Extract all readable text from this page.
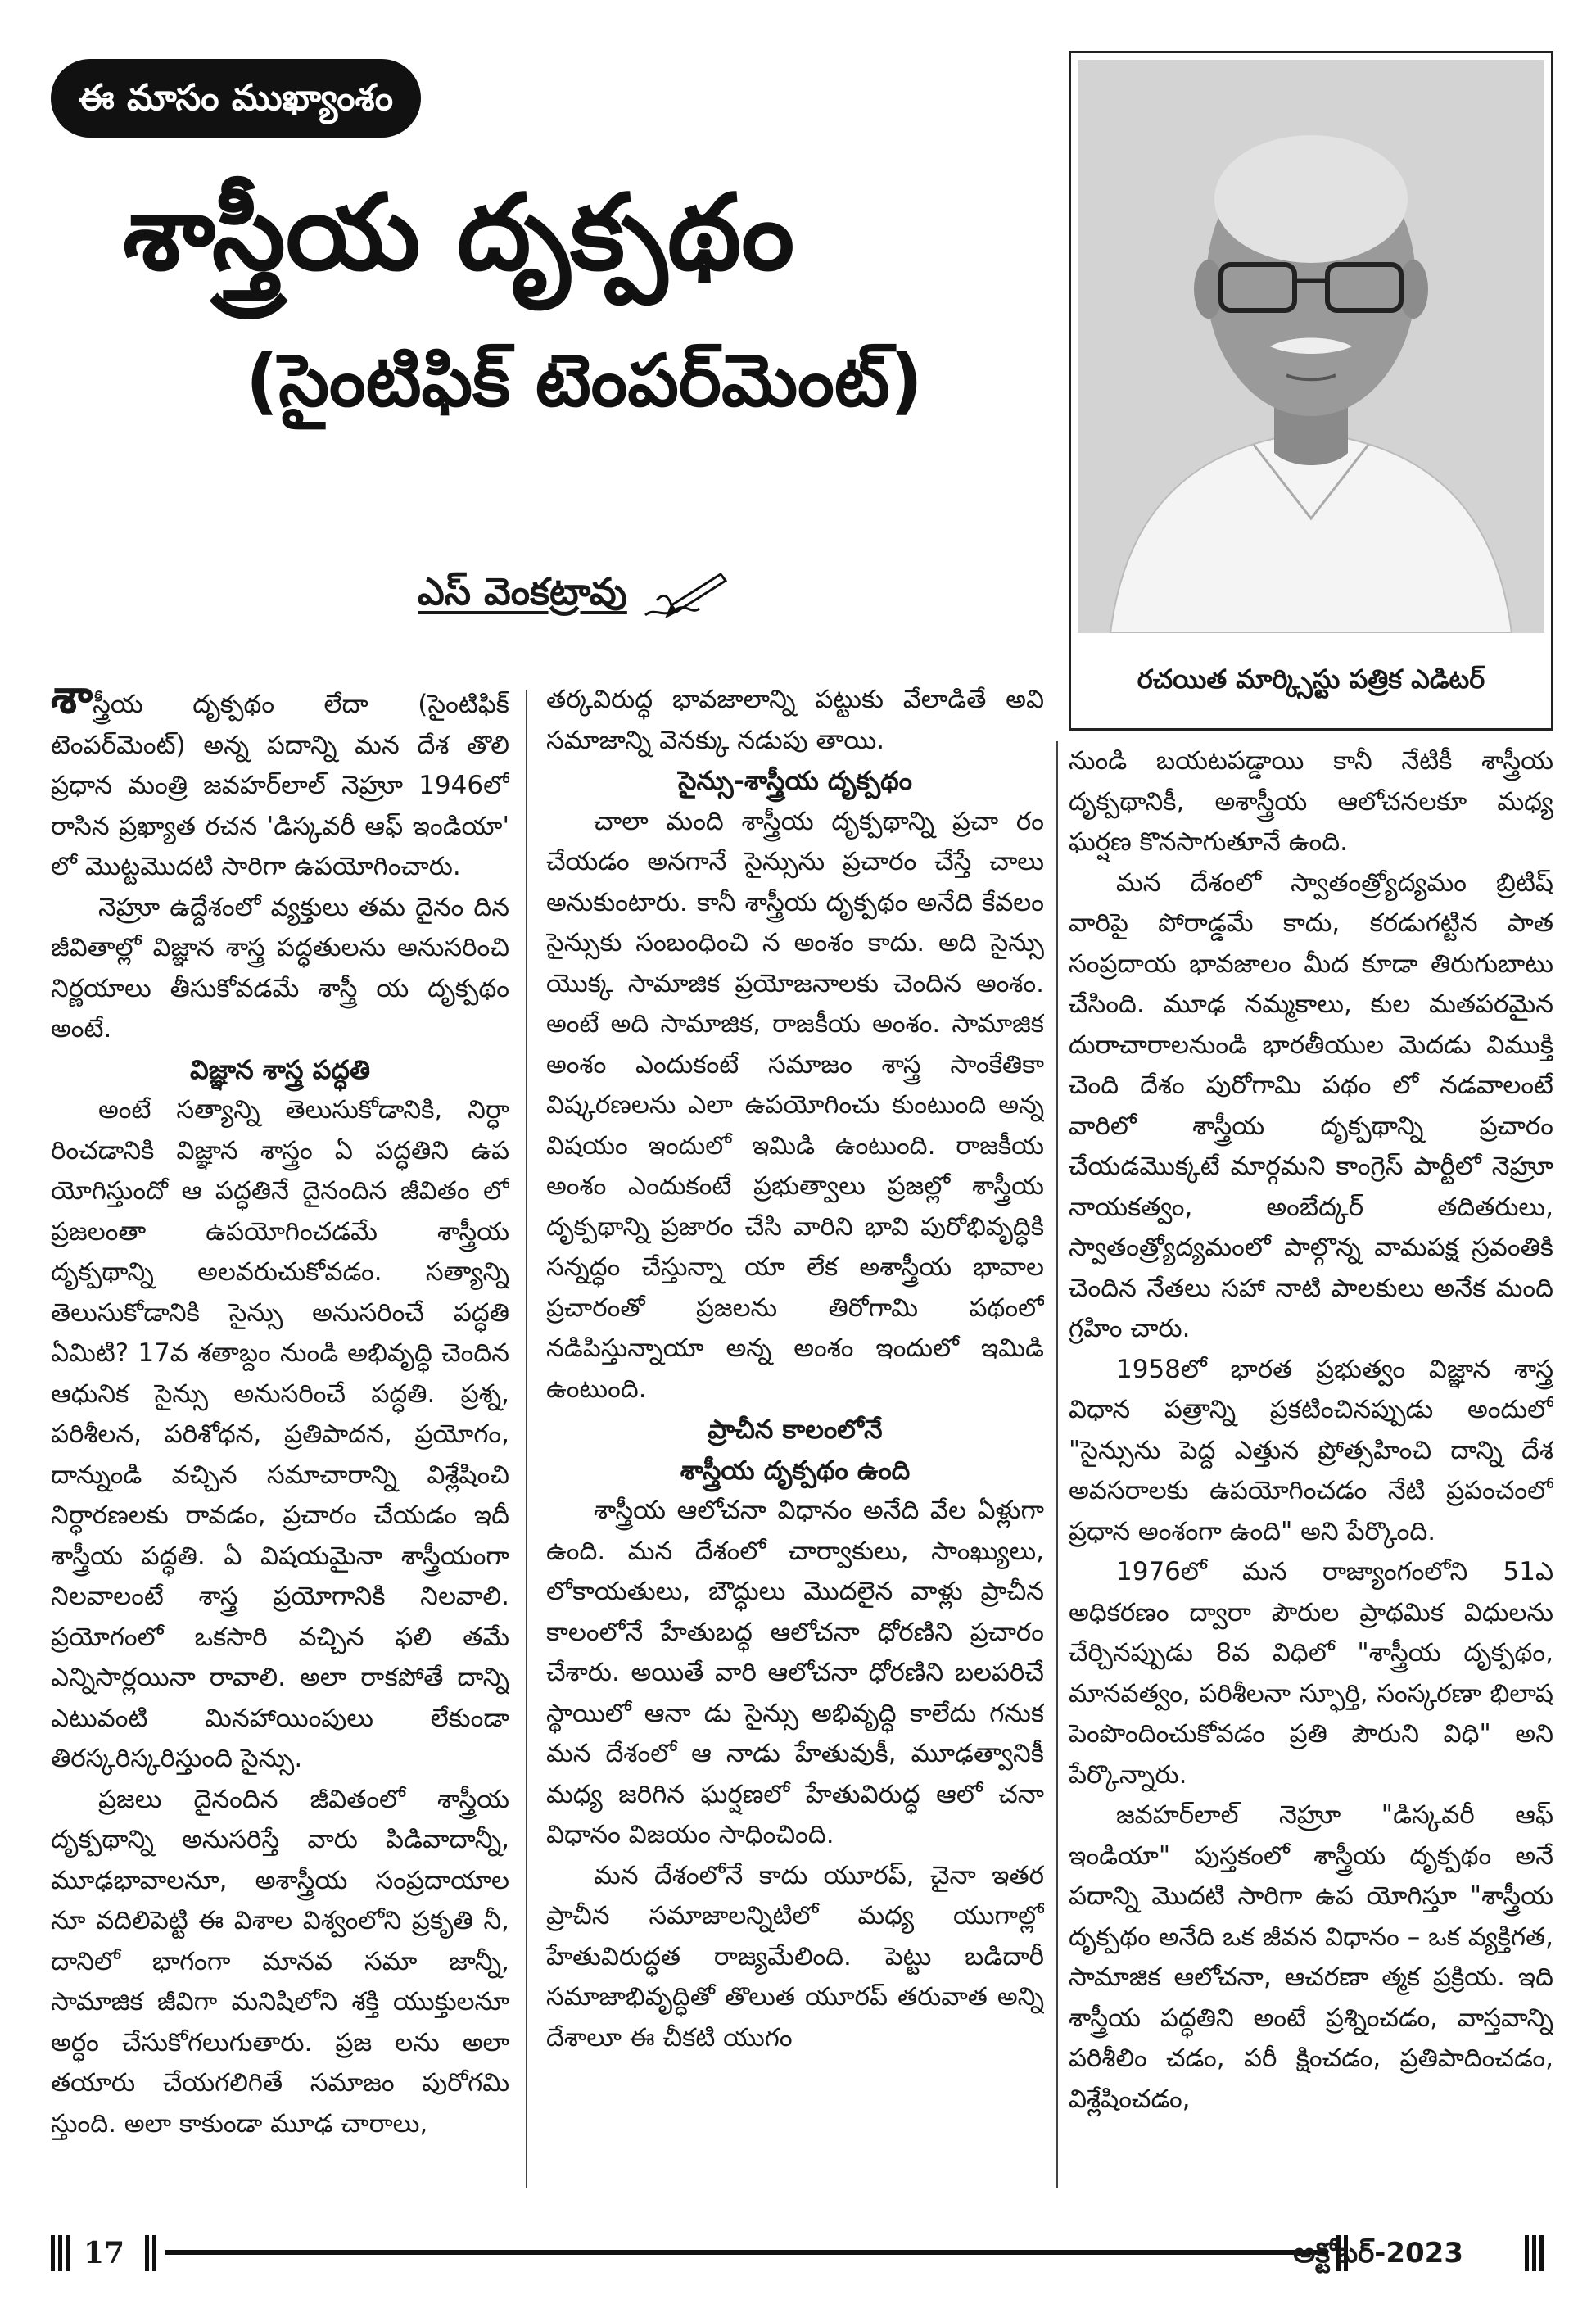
ఈ మాసం ముఖ్యాంశం
శాస్త్రీయ దృక్పథం
(సైంటిఫిక్ టెంపర్‌మెంట్)
ఎస్ వెంకట్రావు
రచయిత మార్క్సిస్టు పత్రిక ఎడిటర్

శాస్త్రీయ దృక్పథం లేదా (సైంటిఫిక్ టెంపర్‌మెంట్) అన్న పదాన్ని మన దేశ తొలి ప్రధాన మంత్రి జవహర్‌లాల్ నెహ్రూ 1946లో రాసిన ప్రఖ్యాత రచన 'డిస్కవరీ ఆఫ్ ఇండియా' లో మొట్టమొదటి సారిగా ఉపయోగించారు.

నెహ్రూ ఉద్దేశంలో వ్యక్తులు తమ దైనం దిన జీవితాల్లో విజ్ఞాన శాస్త్ర పద్ధతులను అనుసరించి నిర్ణయాలు తీసుకోవడమే శాస్త్రీ య దృక్పథం అంటే.

విజ్ఞాన శాస్త్ర పద్ధతి

అంటే సత్యాన్ని తెలుసుకోడానికి, నిర్ధా రించడానికి విజ్ఞాన శాస్త్రం ఏ పద్ధతిని ఉప యోగిస్తుందో ఆ పద్ధతినే దైనందిన జీవితం లో ప్రజలంతా ఉపయోగించడమే శాస్త్రీయ దృక్పథాన్ని అలవరుచుకోవడం. సత్యాన్ని తెలుసుకోడానికి సైన్సు అనుసరించే పద్ధతి ఏమిటి? 17వ శతాబ్దం నుండి అభివృద్ధి చెందిన ఆధునిక సైన్సు అనుసరించే పద్ధతి. ప్రశ్న, పరిశీలన, పరిశోధన, ప్రతిపాదన, ప్రయోగం, దాన్నుండి వచ్చిన సమాచారాన్ని విశ్లేషించి నిర్ధారణలకు రావడం, ప్రచారం చేయడం ఇదీ శాస్త్రీయ పద్ధతి. ఏ విషయమైనా శాస్త్రీయంగా నిలవాలంటే శాస్త్ర ప్రయోగానికి నిలవాలి. ప్రయోగంలో ఒకసారి వచ్చిన ఫలి తమే ఎన్నిసార్లయినా రావాలి. అలా రాకపోతే దాన్ని ఎటువంటి మినహాయింపులు లేకుండా తిరస్కరిస్కరిస్తుంది సైన్సు.

ప్రజలు దైనందిన జీవితంలో శాస్త్రీయ దృక్పథాన్ని అనుసరిస్తే వారు పిడివాదాన్నీ, మూఢభావాలనూ, అశాస్త్రీయ సంప్రదాయాల నూ వదిలిపెట్టి ఈ విశాల విశ్వంలోని ప్రకృతి నీ, దానిలో భాగంగా మానవ సమా జాన్నీ, సామాజిక జీవిగా మనిషిలోని శక్తి యుక్తులనూ అర్ధం చేసుకోగలుగుతారు. ప్రజ లను అలా తయారు చేయగలిగితే సమాజం పురోగమి స్తుంది. అలా కాకుండా మూఢ చారాలు,

తర్కవిరుద్ధ భావజాలాన్ని పట్టుకు వేలాడితే అవి సమాజాన్ని వెనక్కు నడుపు తాయి.

సైన్సు-శాస్త్రీయ దృక్పథం

చాలా మంది శాస్త్రీయ దృక్పథాన్ని ప్రచా రం చేయడం అనగానే సైన్సును ప్రచారం చేస్తే చాలు అనుకుంటారు. కానీ శాస్త్రీయ దృక్పథం అనేది కేవలం సైన్సుకు సంబంధించి న అంశం కాదు. అది సైన్సు యొక్క సామాజిక ప్రయోజనాలకు చెందిన అంశం. అంటే అది సామాజిక, రాజకీయ అంశం. సామాజిక అంశం ఎందుకంటే సమాజం శాస్త్ర సాంకేతికా విష్కరణలను ఎలా ఉపయోగించు కుంటుంది అన్న విషయం ఇందులో ఇమిడి ఉంటుంది. రాజకీయ అంశం ఎందుకంటే ప్రభుత్వాలు ప్రజల్లో శాస్త్రీయ దృక్పథాన్ని ప్రజారం చేసి వారిని భావి పురోభివృద్ధికి సన్నద్ధం చేస్తున్నా యా లేక అశాస్త్రీయ భావాల ప్రచారంతో ప్రజలను తిరోగామి పథంలో నడిపిస్తున్నాయా అన్న అంశం ఇందులో ఇమిడి ఉంటుంది.

ప్రాచీన కాలంలోనే
శాస్త్రీయ దృక్పథం ఉంది

శాస్త్రీయ ఆలోచనా విధానం అనేది వేల ఏళ్లుగా ఉంది. మన దేశంలో చార్వాకులు, సాంఖ్యులు, లోకాయతులు, బౌద్ధులు మొదలైన వాళ్లు ప్రాచీన కాలంలోనే హేతుబద్ధ ఆలోచనా ధోరణిని ప్రచారం చేశారు. అయితే వారి ఆలోచనా ధోరణిని బలపరిచే స్థాయిలో ఆనా డు సైన్సు అభివృద్ధి కాలేదు గనుక మన దేశంలో ఆ నాడు హేతువుకీ, మూఢత్వానికీ మధ్య జరిగిన ఘర్షణలో హేతువిరుద్ధ ఆలో చనా విధానం విజయం సాధించింది.

మన దేశంలోనే కాదు యూరప్, చైనా ఇతర ప్రాచీన సమాజాలన్నిటిలో మధ్య యుగాల్లో హేతువిరుద్ధత రాజ్యమేలింది. పెట్టు బడిదారీ సమాజాభివృద్ధితో తొలుత యూరప్ తరువాత అన్ని దేశాలూ ఈ చీకటి యుగం

నుండి బయటపడ్డాయి కానీ నేటికీ శాస్త్రీయ దృక్పథానికీ, అశాస్త్రీయ ఆలోచనలకూ మధ్య ఘర్షణ కొనసాగుతూనే ఉంది.

మన దేశంలో స్వాతంత్ర్యోద్యమం బ్రిటిష్ వారిపై పోరాడ్డమే కాదు, కరడుగట్టిన పాత సంప్రదాయ భావజాలం మీద కూడా తిరుగుబాటు చేసింది. మూఢ నమ్మకాలు, కుల మతపరమైన దురాచారాలనుండి భారతీయుల మెదడు విముక్తి చెంది దేశం పురోగామి పథం లో నడవాలంటే వారిలో శాస్త్రీయ దృక్పథాన్ని ప్రచారం చేయడమొక్కటే మార్గమని కాంగ్రెస్ పార్టీలో నెహ్రూ నాయకత్వం, అంబేద్కర్ తదితరులు, స్వాతంత్ర్యోద్యమంలో పాల్గొన్న వామపక్ష స్రవంతికి చెందిన నేతలు సహా నాటి పాలకులు అనేక మంది గ్రహిం చారు.

1958లో భారత ప్రభుత్వం విజ్ఞాన శాస్త్ర విధాన పత్రాన్ని ప్రకటించినప్పుడు అందులో "సైన్సును పెద్ద ఎత్తున ప్రోత్సహించి దాన్ని దేశ అవసరాలకు ఉపయోగించడం నేటి ప్రపంచంలో ప్రధాన అంశంగా ఉంది" అని పేర్కొంది.

1976లో మన రాజ్యాంగంలోని 51ఎ అధికరణం ద్వారా పౌరుల ప్రాథమిక విధులను చేర్చినప్పుడు 8వ విధిలో "శాస్త్రీయ దృక్పథం, మానవత్వం, పరిశీలనా స్ఫూర్తి, సంస్కరణా భిలాష పెంపొందించుకోవడం ప్రతి పౌరుని విధి" అని పేర్కొన్నారు.

జవహర్‌లాల్ నెహ్రూ "డిస్కవరీ ఆఫ్ ఇండియా" పుస్తకంలో శాస్త్రీయ దృక్పథం అనే పదాన్ని మొదటి సారిగా ఉప యోగిస్తూ "శాస్త్రీయ దృక్పథం అనేది ఒక జీవన విధానం – ఒక వ్యక్తిగత, సామాజిక ఆలోచనా, ఆచరణా త్మక ప్రక్రియ. ఇది శాస్త్రీయ పద్ధతిని అంటే ప్రశ్నించడం, వాస్తవాన్ని పరిశీలిం చడం, పరీ క్షించడం, ప్రతిపాదించడం, విశ్లేషించడం,

17	అక్టోబర్-2023
